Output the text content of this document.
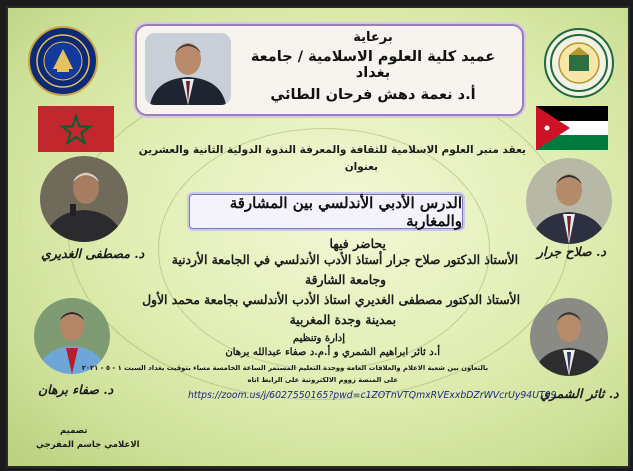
برعاية
عميد كلية العلوم الاسلامية / جامعة بغداد
أ.د نعمة دهش فرحان الطائي
يعقد منبر العلوم الاسلامية للثقافة والمعرفة الندوة الدولية الثانية والعشرين
بعنوان
الدرس الأدبي الأندلسي بين المشارقة والمغاربة
د. مصطفى الغديري	د. صلاح جرار
د. صفاء برهان	د. ثائر الشمري
يحاضر فيها
الأستاذ الدكتور صلاح جرار أستاذ الأدب الأندلسي في الجامعة الأردنية
وجامعة الشارقة
الأستاذ الدكتور مصطفى الغديري استاذ الأدب الأندلسي بجامعة محمد الأول
بمدينة وجدة المغربية
إدارة وتنظيم
أ.د ثائر ابراهيم الشمري و أ.م.د صفاء عبدالله برهان
بالتعاون بين شعبة الاعلام والعلاقات العامة ووحدة التعليم المستمر الساعة الخامسة مساء بتوقيت بغداد السبت ١ - ٥ - ٢٠٢١
على المنصة زووم الالكترونية على الرابط اتاه
https://zoom.us/j/6027550165?pwd=c1ZOTnVTQmxRVExxbDZrWVcrUy94UT09
تصميم
الاعلامي جاسم المفرجي
